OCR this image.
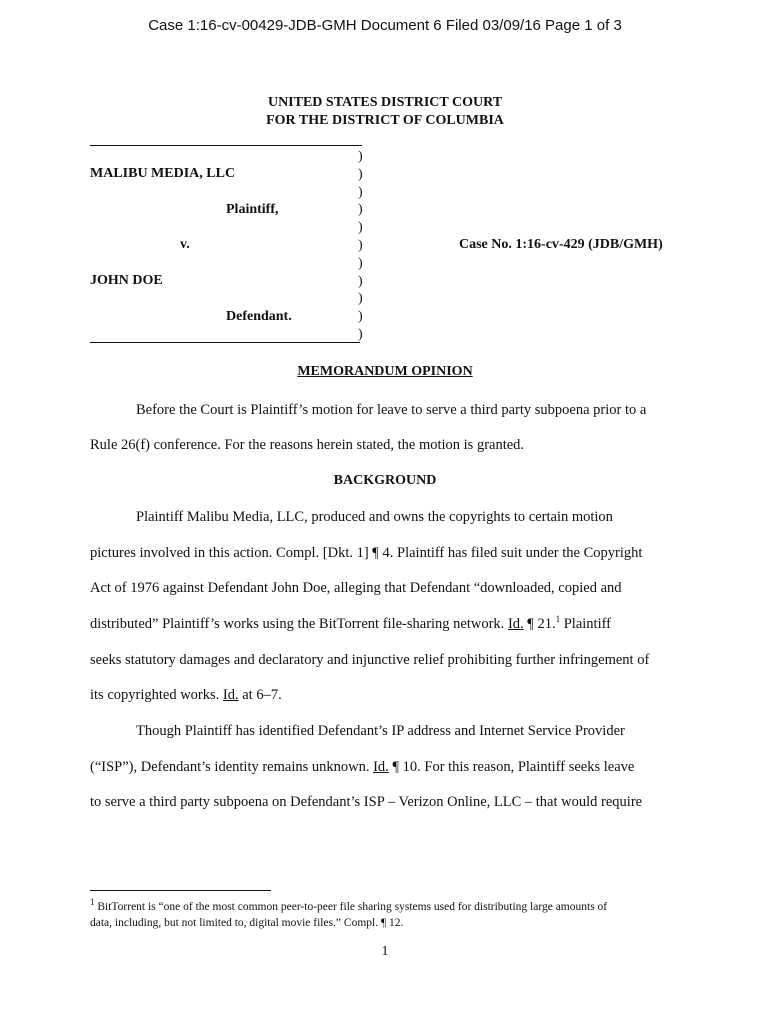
Case 1:16-cv-00429-JDB-GMH Document 6 Filed 03/09/16 Page 1 of 3
UNITED STATES DISTRICT COURT
FOR THE DISTRICT OF COLUMBIA
MALIBU MEDIA, LLC
Plaintiff,
v.
JOHN DOE
Defendant.
)
)
)
)
)
)
)
)
)
)
)
Case No. 1:16-cv-429 (JDB/GMH)
MEMORANDUM OPINION
Before the Court is Plaintiff’s motion for leave to serve a third party subpoena prior to a
Rule 26(f) conference. For the reasons herein stated, the motion is granted.
BACKGROUND
Plaintiff Malibu Media, LLC, produced and owns the copyrights to certain motion
pictures involved in this action. Compl. [Dkt. 1] ¶ 4. Plaintiff has filed suit under the Copyright
Act of 1976 against Defendant John Doe, alleging that Defendant “downloaded, copied and
distributed” Plaintiff’s works using the BitTorrent file-sharing network. Id. ¶ 21.$^1$ Plaintiff
seeks statutory damages and declaratory and injunctive relief prohibiting further infringement of
its copyrighted works. Id. at 6–7.
Though Plaintiff has identified Defendant’s IP address and Internet Service Provider
(“ISP”), Defendant’s identity remains unknown. Id. ¶ 10. For this reason, Plaintiff seeks leave
to serve a third party subpoena on Defendant’s ISP – Verizon Online, LLC – that would require
$^1$ BitTorrent is “one of the most common peer-to-peer file sharing systems used for distributing large amounts of
data, including, but not limited to, digital movie files.” Compl. ¶ 12.
1
